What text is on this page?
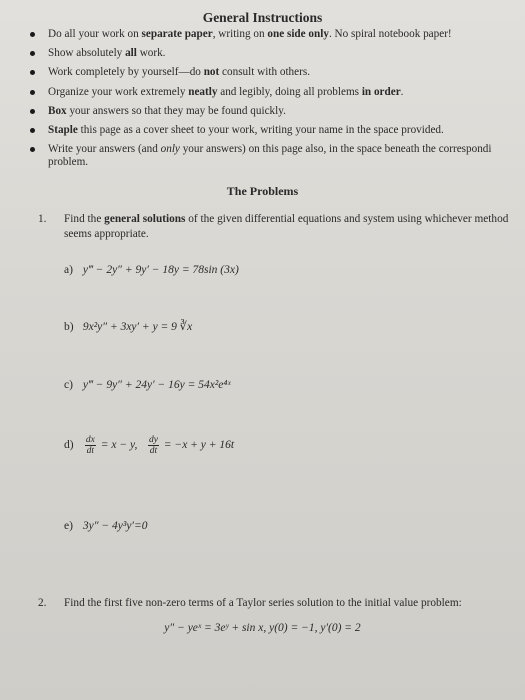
General Instructions
Do all your work on separate paper, writing on one side only. No spiral notebook paper!
Show absolutely all work.
Work completely by yourself—do not consult with others.
Organize your work extremely neatly and legibly, doing all problems in order.
Box your answers so that they may be found quickly.
Staple this page as a cover sheet to your work, writing your name in the space provided.
Write your answers (and only your answers) on this page also, in the space beneath the correspondi
problem.
The Problems
1. Find the general solutions of the given differential equations and system using whichever method seems appropriate.
a) y‴ − 2y″ + 9y′ − 18y = 78sin (3x)
b) 9x²y″ + 3xy′ + y = 9 ∛x
c) y‴ − 9y″ + 24y′ − 16y = 54x²e⁴ˣ
$d) \frac{dx}{dt} = x - y$, $\frac{dy}{dt} = -x + y + 16t$
e) 3y″ − 4y³y′=0
2. Find the first five non-zero terms of a Taylor series solution to the initial value problem:
y″ − yeˣ = 3eʸ + sin x, y(0) = −1, y′(0) = 2
